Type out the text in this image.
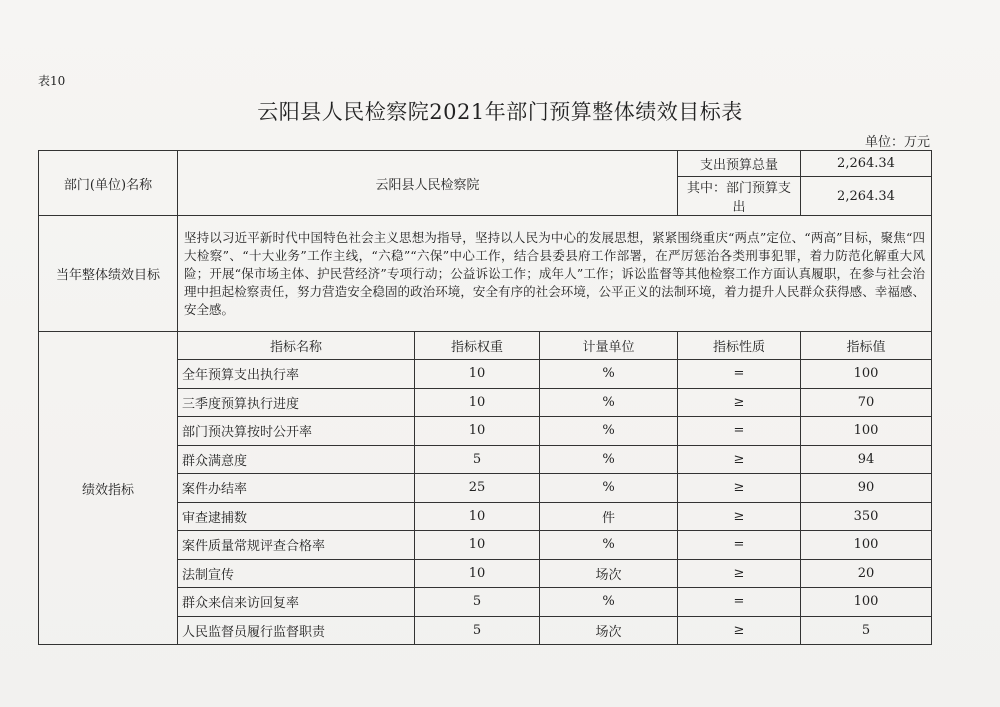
表10
云阳县人民检察院2021年部门预算整体绩效目标表
单位：万元
部门(单位)名称	云阳县人民检察院			支出预算总量	2,264.34
				其中：部门预算支出	2,264.34
当年整体绩效目标	坚持以习近平新时代中国特色社会主义思想为指导，坚持以人民为中心的发展思想，紧紧围绕重庆“两点”定位、“两高”目标，聚焦“四大检察”、“十大业务”工作主线，“六稳”“六保”中心工作，结合县委县府工作部署，在严厉惩治各类刑事犯罪，着力防范化解重大风险；开展“保市场主体、护民营经济”专项行动；公益诉讼工作；成年人”工作；诉讼监督等其他检察工作方面认真履职，在参与社会治理中担起检察责任，努力营造安全稳固的政治环境，安全有序的社会环境，公平正义的法制环境，着力提升人民群众获得感、幸福感、安全感。				
绩效指标	指标名称	指标权重	计量单位	指标性质	指标值
	全年预算支出执行率	10	%	=	100
	三季度预算执行进度	10	%	≥	70
	部门预决算按时公开率	10	%	=	100
	群众满意度	5	%	≥	94
	案件办结率	25	%	≥	90
	审查逮捕数	10	件	≥	350
	案件质量常规评查合格率	10	%	=	100
	法制宣传	10	场次	≥	20
	群众来信来访回复率	5	%	=	100
	人民监督员履行监督职责	5	场次	≥	5
